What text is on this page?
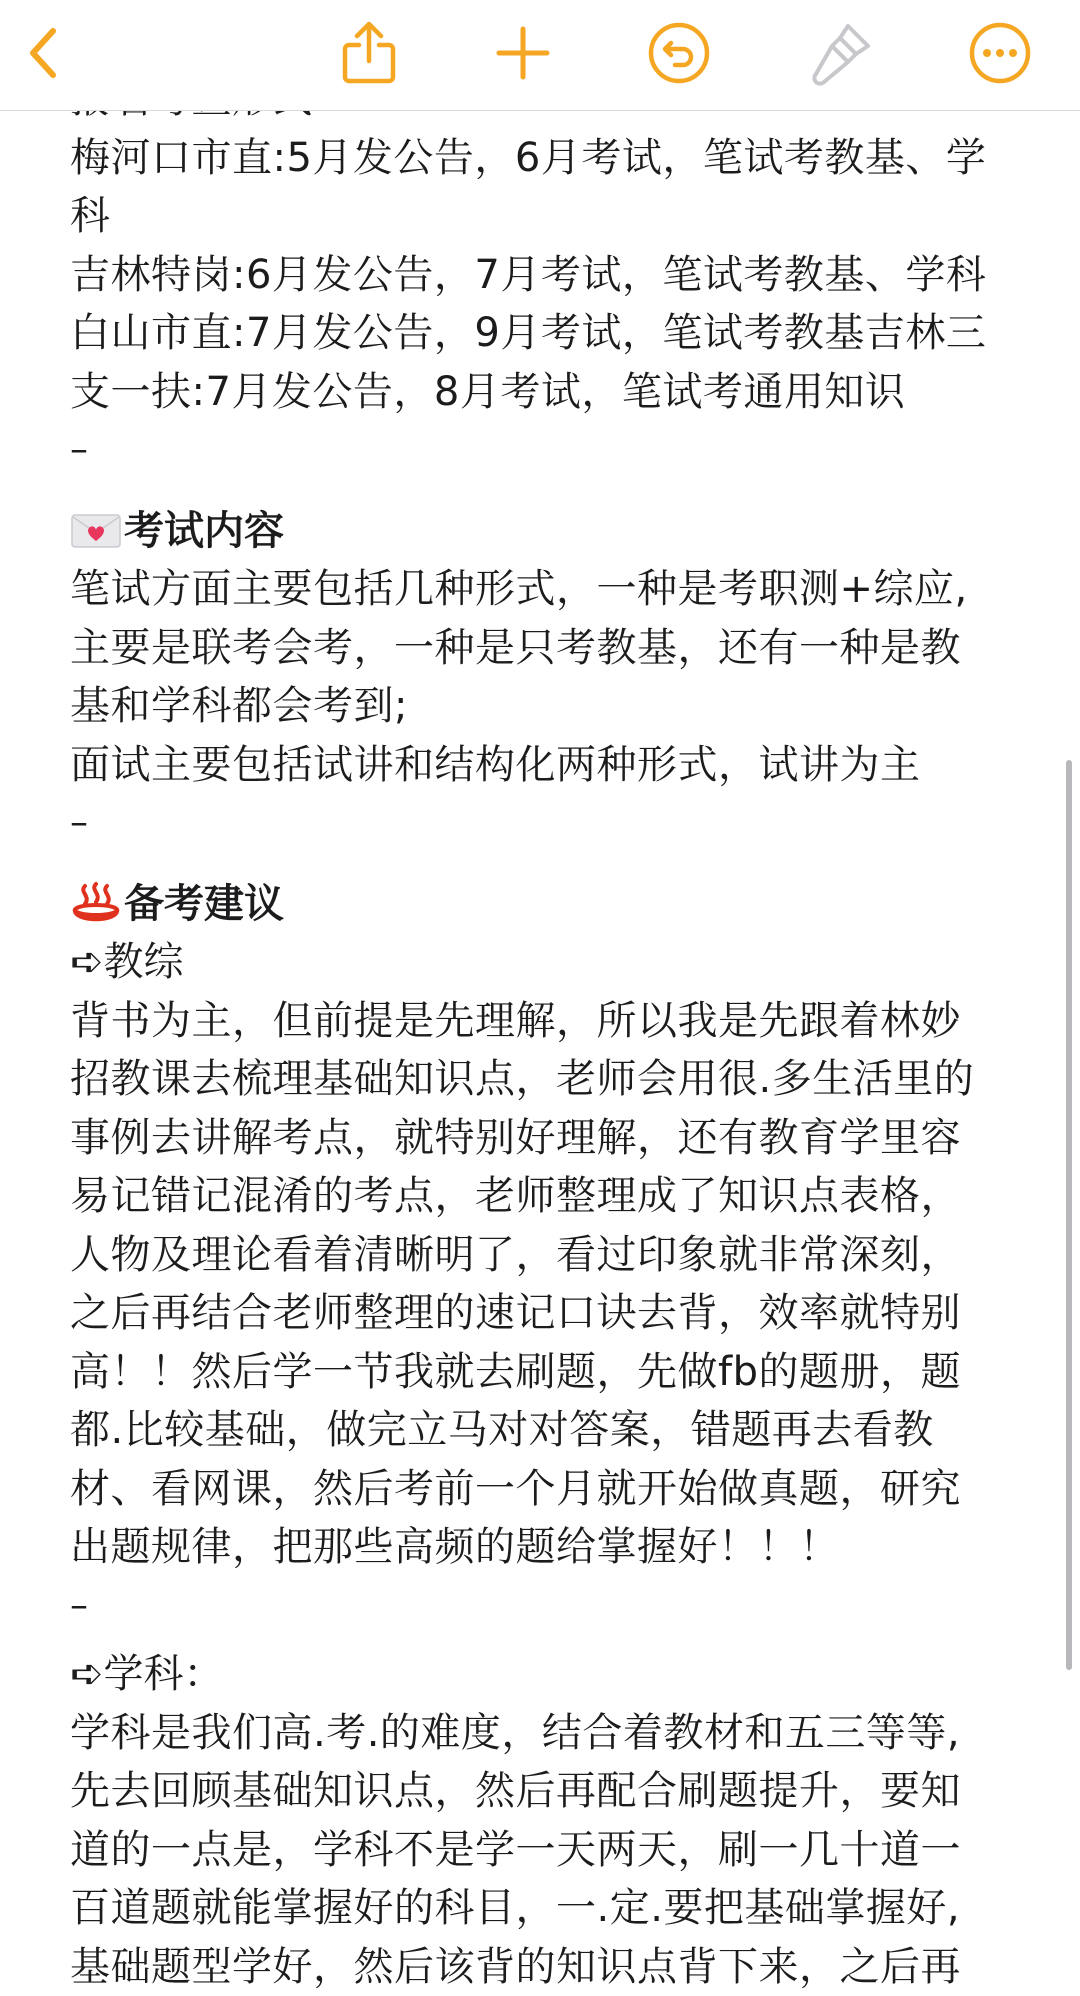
梅河口市直:5月发公告，6月考试，笔试考教基、学
科
吉林特岗:6月发公告，7月考试，笔试考教基、学科
白山市直:7月发公告，9月考试，笔试考教基吉林三
支一扶:7月发公告，8月考试，笔试考通用知识
–
考试内容
笔试方面主要包括几种形式，一种是考职测+综应,
主要是联考会考，一种是只考教基，还有一种是教
基和学科都会考到;
面试主要包括试讲和结构化两种形式，试讲为主
–
备考建议
➪教综
背书为主，但前提是先理解，所以我是先跟着林妙
招教课去梳理基础知识点，老师会用很.多生活里的
事例去讲解考点，就特别好理解，还有教育学里容
易记错记混淆的考点，老师整理成了知识点表格，
人物及理论看着清晰明了，看过印象就非常深刻，
之后再结合老师整理的速记口诀去背，效率就特别
高！！然后学一节我就去刷题，先做fb的题册，题
都.比较基础，做完立马对对答案，错题再去看教
材、看网课，然后考前一个月就开始做真题，研究
出题规律，把那些高频的题给掌握好！！！
–
➪学科：
学科是我们高.考.的难度，结合着教材和五三等等,
先去回顾基础知识点，然后再配合刷题提升，要知
道的一点是，学科不是学一天两天，刷一几十道一
百道题就能掌握好的科目，一.定.要把基础掌握好,
基础题型学好，然后该背的知识点背下来，之后再
